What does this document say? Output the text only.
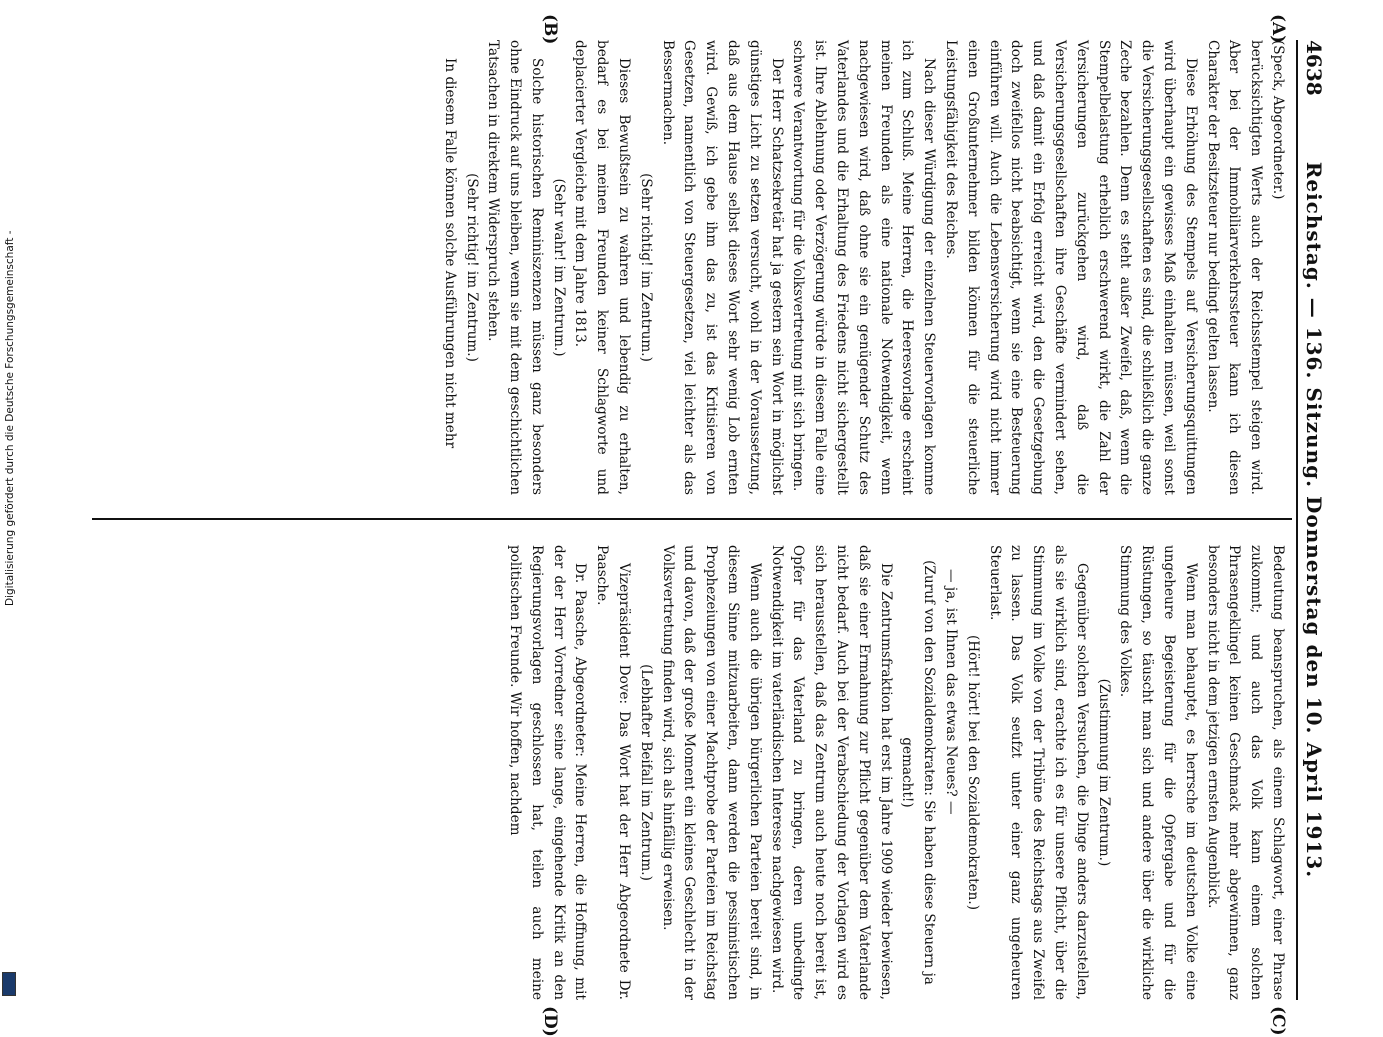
4638
Reichstag. — 136. Sitzung. Donnerstag den 10. April 1913.
(A)
(B)
(C)
(D)

(Speck, Abgeordneter.)

berücksichtigten Werts auch der Reichsstempel steigen wird. Aber bei der Immobiliarverkehrssteuer kann ich diesen Charakter der Besitzsteuer nur bedingt gelten lassen.

Diese Erhöhung des Stempels auf Versicherungsquittungen wird überhaupt ein gewisses Maß einhalten müssen, weil sonst die Versicherungsgesellschaften es sind, die schließlich die ganze Zeche bezahlen. Denn es steht außer Zweifel, daß, wenn die Stempelbelastung erheblich erschwerend wirkt, die Zahl der Versicherungen zurückgehen wird, daß die Versicherungsgesellschaften ihre Geschäfte vermindert sehen, und daß damit ein Erfolg erreicht wird, den die Gesetzgebung doch zweifellos nicht beabsichtigt, wenn sie eine Besteuerung einführen will. Auch die Lebensversicherung wird nicht immer einen Großunternehmer bilden können für die steuerliche Leistungsfähigkeit des Reiches.

Nach dieser Würdigung der einzelnen Steuervorlagen komme ich zum Schluß. Meine Herren, die Heeresvorlage erscheint meinen Freunden als eine nationale Notwendigkeit, wenn nachgewiesen wird, daß ohne sie ein genügender Schutz des Vaterlandes und die Erhaltung des Friedens nicht sichergestellt ist. Ihre Ablehnung oder Verzögerung würde in diesem Falle eine schwere Verantwortung für die Volksvertretung mit sich bringen.

Der Herr Schatzsekretär hat ja gestern sein Wort in möglichst günstiges Licht zu setzen versucht, wohl in der Voraussetzung, daß aus dem Hause selbst dieses Wort sehr wenig Lob ernten wird. Gewiß, ich gebe ihm das zu, ist das Kritisieren von Gesetzen, namentlich von Steuergesetzen, viel leichter als das Bessermachen.

(Sehr richtig! im Zentrum.)

Dieses Bewußtsein zu wahren und lebendig zu erhalten, bedarf es bei meinen Freunden keiner Schlagworte und deplacierter Vergleiche mit dem Jahre 1813.

(Sehr wahr! im Zentrum.)

Solche historischen Reminiszenzen müssen ganz besonders ohne Eindruck auf uns bleiben, wenn sie mit dem geschichtlichen Tatsachen in direktem Widerspruch stehen.

(Sehr richtig! im Zentrum.)

In diesem Falle können solche Ausführungen nicht mehr

Bedeutung beanspruchen, als einem Schlagwort, einer Phrase zukommt; und auch das Volk kann einem solchen Phrasengeklingel keinen Geschmack mehr abgewinnen, ganz besonders nicht in dem jetzigen ernsten Augenblick.

Wenn man behauptet, es herrsche im deutschen Volke eine ungeheure Begeisterung für die Opfergabe und für die Rüstungen, so täuscht man sich und andere über die wirkliche Stimmung des Volkes.

(Zustimmung im Zentrum.)

Gegenüber solchen Versuchen, die Dinge anders darzustellen, als sie wirklich sind, erachte ich es für unsere Pflicht, über die Stimmung im Volke von der Tribüne des Reichstags aus Zweifel zu lassen. Das Volk seufzt unter einer ganz ungeheuren Steuerlast.

(Hört! hört! bei den Sozialdemokraten.)

— ja, ist Ihnen das etwas Neues? —

(Zuruf von den Sozialdemokraten: Sie haben diese Steuern ja gemacht!)

Die Zentrumsfraktion hat erst im Jahre 1909 wieder bewiesen, daß sie einer Ermahnung zur Pflicht gegenüber dem Vaterlande nicht bedarf. Auch bei der Verabschiedung der Vorlagen wird es sich herausstellen, daß das Zentrum auch heute noch bereit ist, Opfer für das Vaterland zu bringen, deren unbedingte Notwendigkeit im vaterländischen Interesse nachgewiesen wird.

Wenn auch die übrigen bürgerlichen Parteien bereit sind, in diesem Sinne mitzuarbeiten, dann werden die pessimistischen Prophezeiungen von einer Machtprobe der Parteien im Reichstag und davon, daß der große Moment ein kleines Geschlecht in der Volksvertretung finden wird, sich als hinfällig erweisen.

(Lebhafter Beifall im Zentrum.)

Vizepräsident Dove: Das Wort hat der Herr Abgeordnete Dr. Paasche.

Dr. Paasche, Abgeordneter: Meine Herren, die Hoffnung, mit der der Herr Vorredner seine lange, eingehende Kritik an den Regierungsvorlagen geschlossen hat, teilen auch meine politischen Freunde. Wir hoffen, nachdem

Digitalisierung gefördert durch die Deutsche Forschungsgemeinschaft -
